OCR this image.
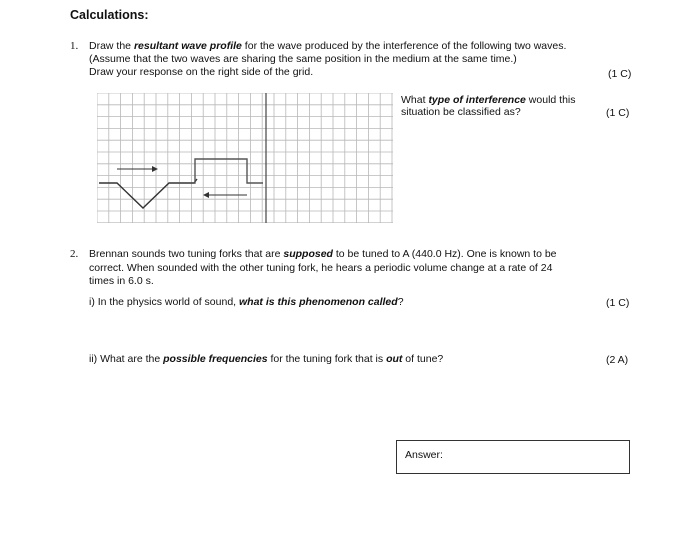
Calculations:
1. Draw the resultant wave profile for the wave produced by the interference of the following two waves.
(Assume that the two waves are sharing the same position in the medium at the same time.)
Draw your response on the right side of the grid.	(1 C)
What type of interference would this
situation be classified as?	(1 C)
2. Brennan sounds two tuning forks that are supposed to be tuned to A (440.0 Hz). One is known to be
correct. When sounded with the other tuning fork, he hears a periodic volume change at a rate of 24
times in 6.0 s.
i) In the physics world of sound, what is this phenomenon called?	(1 C)
ii) What are the possible frequencies for the tuning fork that is out of tune?	(2 A)
Answer:
